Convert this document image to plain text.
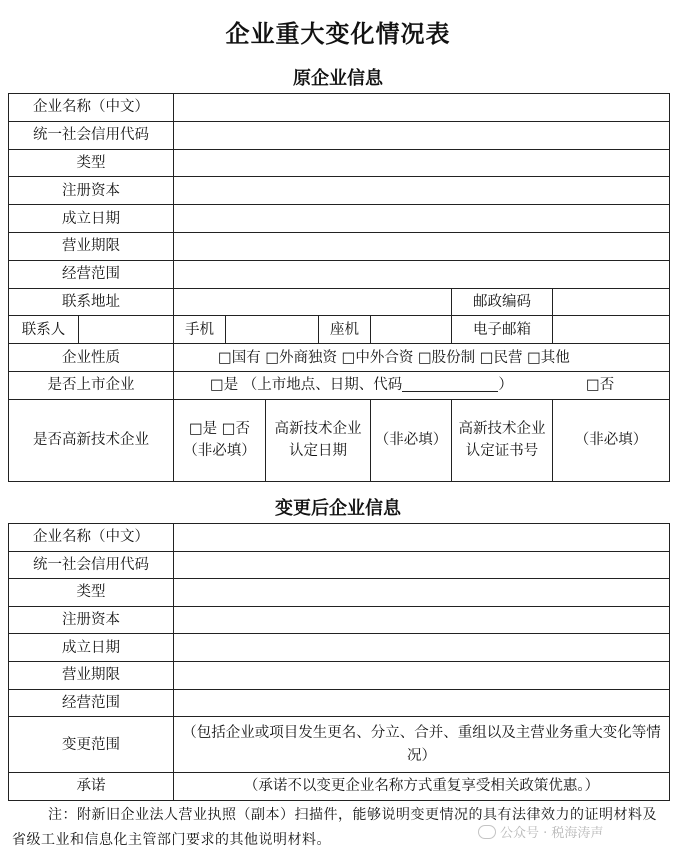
企业重大变化情况表
原企业信息
企业名称（中文）								
统一社会信用代码								
类型								
注册资本								
成立日期								
营业期限								
经营范围								
联系地址							邮政编码	
联系人		手机			座机		电子邮箱	
企业性质		□国有 □外商独资 □中外合资 □股份制 □民营 □其他						
是否上市企业		□是 （上市地点、日期、代码 ） □否						
是否高新技术企业		□是 □否（非必填）		高新技术企业认定日期		（非必填）	高新技术企业认定证书号	（非必填）
变更后企业信息
企业名称（中文）	
统一社会信用代码	
类型	
注册资本	
成立日期	
营业期限	
经营范围	
变更范围	（包括企业或项目发生更名、分立、合并、重组以及主营业务重大变化等情况）
承诺	（承诺不以变更企业名称方式重复享受相关政策优惠。）
注：附新旧企业法人营业执照（副本）扫描件，能够说明变更情况的具有法律效力的证明材料及省级工业和信息化主管部门要求的其他说明材料。	公众号 · 税海涛声
